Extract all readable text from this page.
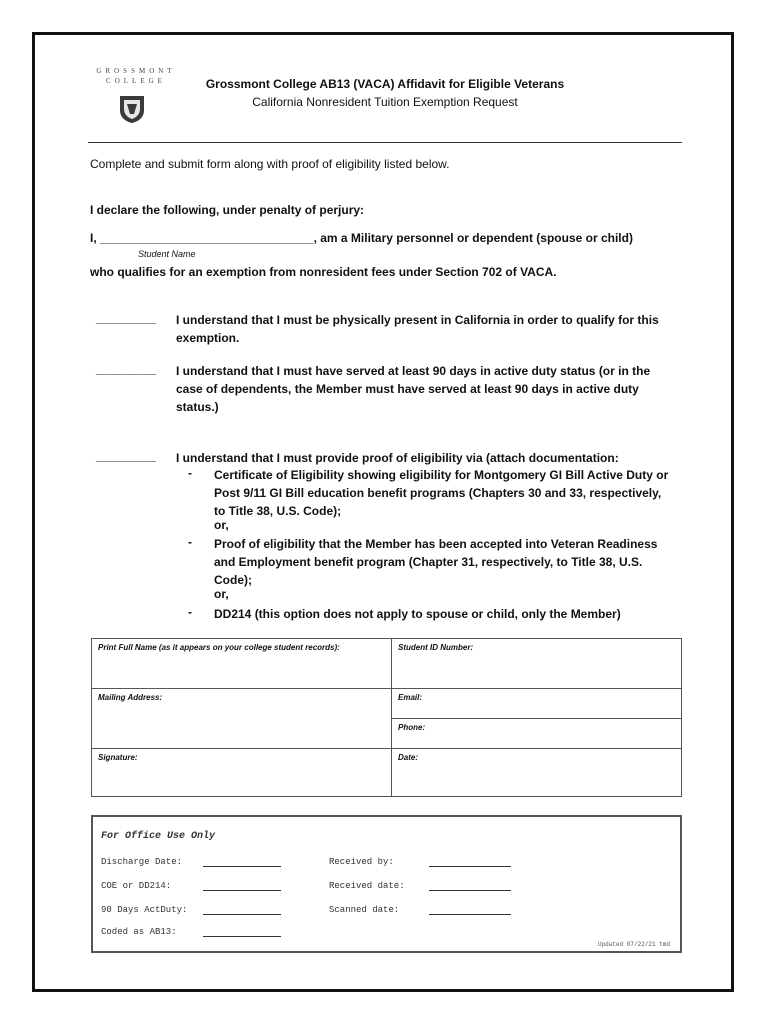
GROSSMONT
COLLEGE	Grossmont College AB13 (VACA) Affidavit for Eligible Veterans
California Nonresident Tuition Exemption Request
Complete and submit form along with proof of eligibility listed below.
I declare the following, under penalty of perjury:
I, ________________________________, am a Military personnel or dependent (spouse or child)
Student Name
who qualifies for an exemption from nonresident fees under Section 702 of VACA.
_________ I understand that I must be physically present in California in order to qualify for this exemption.
_________ I understand that I must have served at least 90 days in active duty status (or in the case of dependents, the Member must have served at least 90 days in active duty status.)
_________ I understand that I must provide proof of eligibility via (attach documentation:
- Certificate of Eligibility showing eligibility for Montgomery GI Bill Active Duty or Post 9/11 GI Bill education benefit programs (Chapters 30 and 33, respectively, to Title 38, U.S. Code);
or,
- Proof of eligibility that the Member has been accepted into Veteran Readiness and Employment benefit program (Chapter 31, respectively, to Title 38, U.S. Code);
or,
- DD214 (this option does not apply to spouse or child, only the Member)
Print Full Name (as it appears on your college student records):	Student ID Number:
Mailing Address:	Email:
	Phone:
Signature:	Date:
For Office Use Only
Discharge Date:	Received by:
COE or DD214:	Received date:
90 Days ActDuty:	Scanned date:
Coded as AB13:
Updated 07/22/21 tmd
